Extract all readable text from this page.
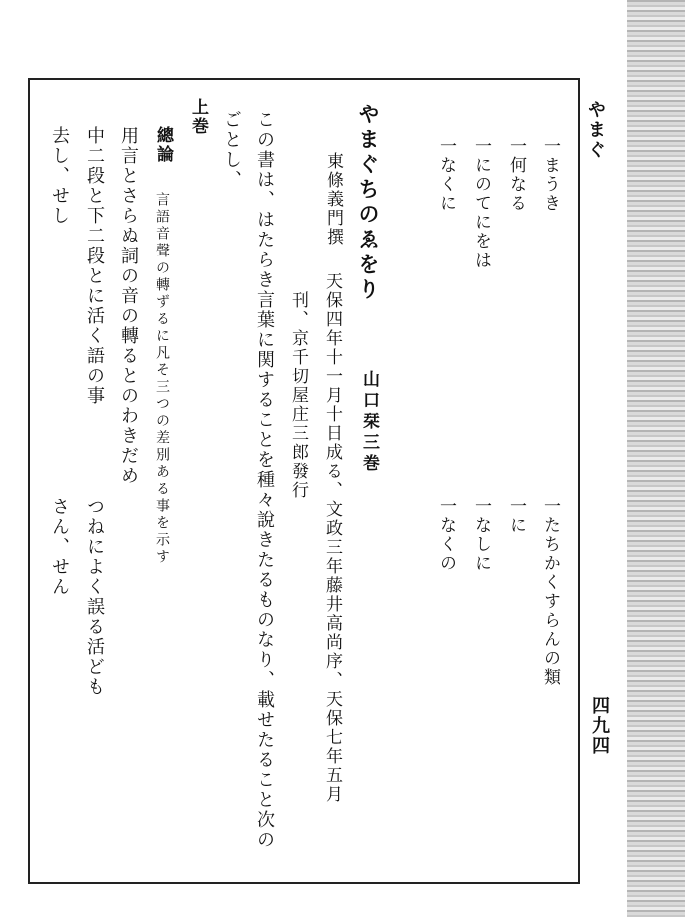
やまぐ
四九四
一まうき
一何なる
一にのてにをは
一なくに
一たちかくすらんの類
一に
一なしに
一なくの
やまぐちのゑをり
山口栞三巻
東條義門撰
天保四年十一月十日成る、文政三年藤井高尚序、天保七年五月
刊、京千切屋庄三郎發行
この書は、はたらき言葉に関することを種々說きたるものなり、載せたること次の
ごとし、
上巻
總論
言語音聲の轉ずるに凡そ三つの差別ある事を示す
用言とさらぬ詞の音の轉るとのわきだめ
中二段と下二段とに活く語の事
つねによく誤る活ども
去し、せし
さん、せん
